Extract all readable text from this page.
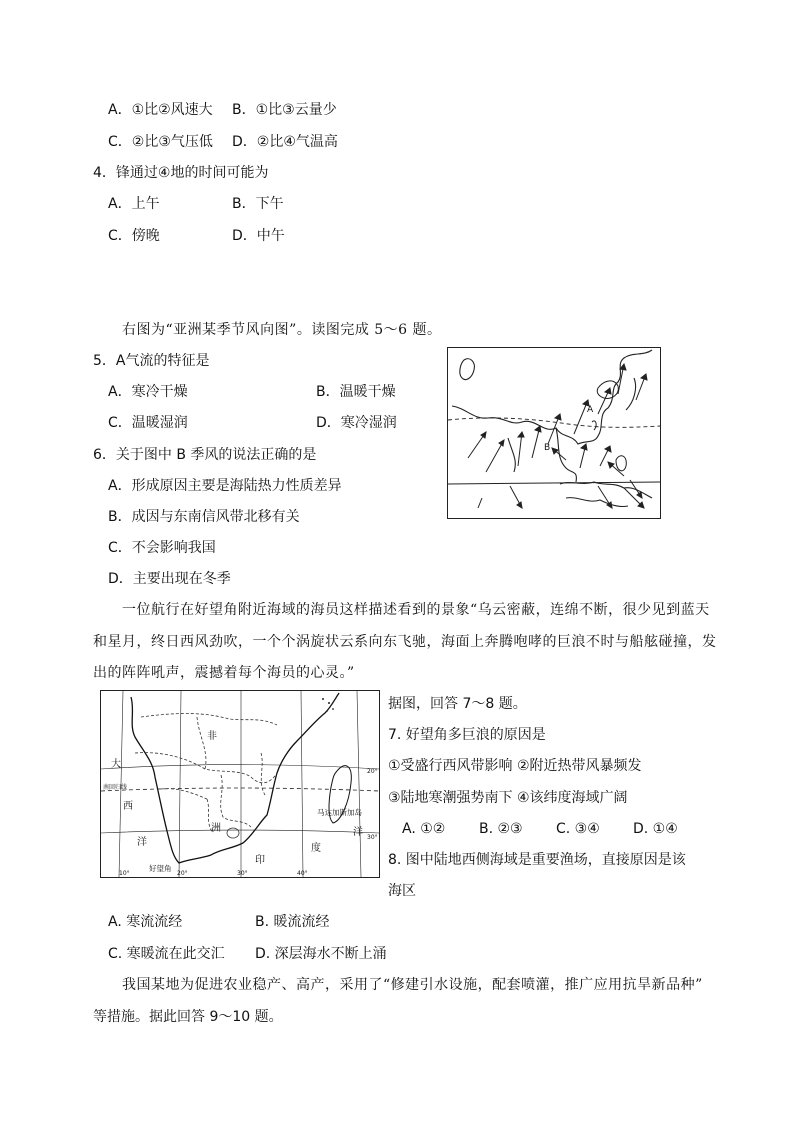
A．①比②风速大 B．①比③云量少
C．②比③气压低 D．②比④气温高
4．锋通过④地的时间可能为
A．上午	B．下午
C．傍晚	D．中午
右图为“亚洲某季节风向图”。读图完成 5～6 题。
5．A气流的特征是
A．寒冷干燥	B．温暖干燥
C．温暖湿润	D．寒冷湿润
6．关于图中 B 季风的说法正确的是
A．形成原因主要是海陆热力性质差异
B．成因与东南信风带北移有关
C．不会影响我国
D．主要出现在冬季
A
B
一位航行在好望角附近海域的海员这样描述看到的景象“乌云密蔽，连绵不断，很少见到蓝天
和星月，终日西风劲吹，一个个涡旋状云系向东飞驰，海面上奔腾咆哮的巨浪不时与船舷碰撞，发
出的阵阵吼声，震撼着每个海员的心灵。”
非
大
西
洲
洋
印
度
洋
南回归线
马达加斯加岛
好望角
20°
30°
10°	20°	30°	40°
据图，回答 7～8 题。
7. 好望角多巨浪的原因是
①受盛行西风带影响 ②附近热带风暴频发
③陆地寒潮强势南下 ④该纬度海域广阔
A. ①② B. ②③ C. ③④ D. ①④
8. 图中陆地西侧海域是重要渔场，直接原因是该
海区
A. 寒流流经	B. 暖流流经
C. 寒暖流在此交汇 D. 深层海水不断上涌
我国某地为促进农业稳产、高产，采用了“修建引水设施，配套喷灌，推广应用抗旱新品种”
等措施。据此回答 9～10 题。
